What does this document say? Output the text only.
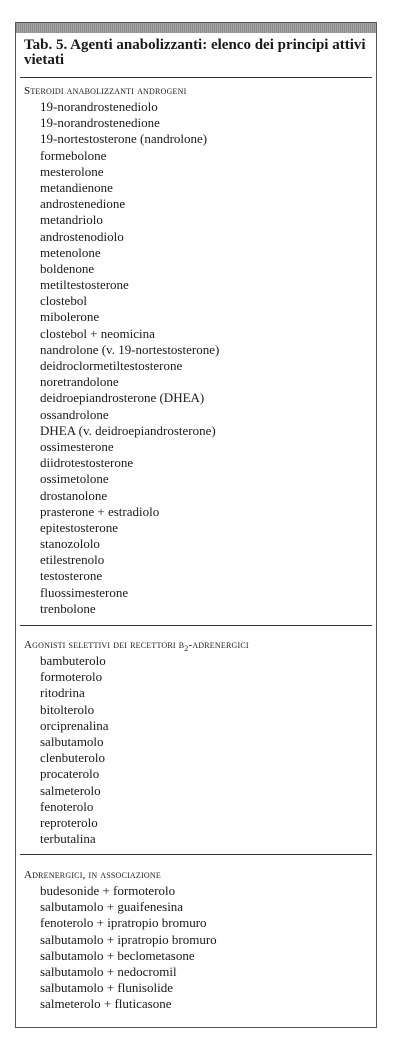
Tab. 5. Agenti anabolizzanti: elenco dei principi attivi vietati

Steroidi anabolizzanti androgeni

19-norandrostenediolo
19-norandrostenedione
19-nortestosterone (nandrolone)
formebolone
mesterolone
metandienone
androstenedione
metandriolo
androstenodiolo
metenolone
boldenone
metiltestosterone
clostebol
mibolerone
clostebol + neomicina
nandrolone (v. 19-nortestosterone)
deidroclormetiltestosterone
noretrandolone
deidroepiandrosterone (DHEA)
ossandrolone
DHEA (v. deidroepiandrosterone)
ossimesterone
diidrotestosterone
ossimetolone
drostanolone
prasterone + estradiolo
epitestosterone
stanozololo
etilestrenolo
testosterone
fluossimesterone
trenbolone

Agonisti selettivi dei recettori $\beta_2$-adrenergici

bambuterolo
formoterolo
ritodrina
bitolterolo
orciprenalina
salbutamolo
clenbuterolo
procaterolo
salmeterolo
fenoterolo
reproterolo
terbutalina

Adrenergici, in associazione

budesonide + formoterolo
salbutamolo + guaifenesina
fenoterolo + ipratropio bromuro
salbutamolo + ipratropio bromuro
salbutamolo + beclometasone
salbutamolo + nedocromil
salbutamolo + flunisolide
salmeterolo + fluticasone
